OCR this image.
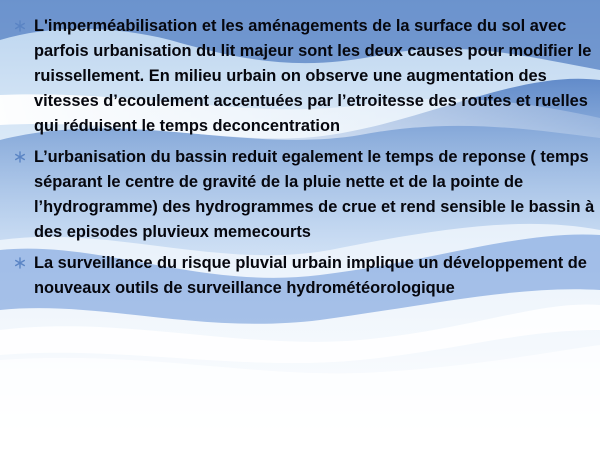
L'imperméabilisation et les aménagements de la surface du sol avec parfois urbanisation du lit majeur sont les deux causes pour modifier le ruissellement. En milieu urbain on observe une augmentation des vitesses d’ecoulement accentuées par l’etroitesse des routes et ruelles qui réduisent le temps deconcentration

L’urbanisation du bassin reduit egalement le temps de reponse ( temps séparant le centre de gravité de la pluie nette et de la pointe de l’hydrogramme) des hydrogrammes de crue et rend sensible le bassin à des episodes pluvieux memecourts

La surveillance du risque pluvial urbain implique un développement de nouveaux outils de surveillance hydrométéorologique
